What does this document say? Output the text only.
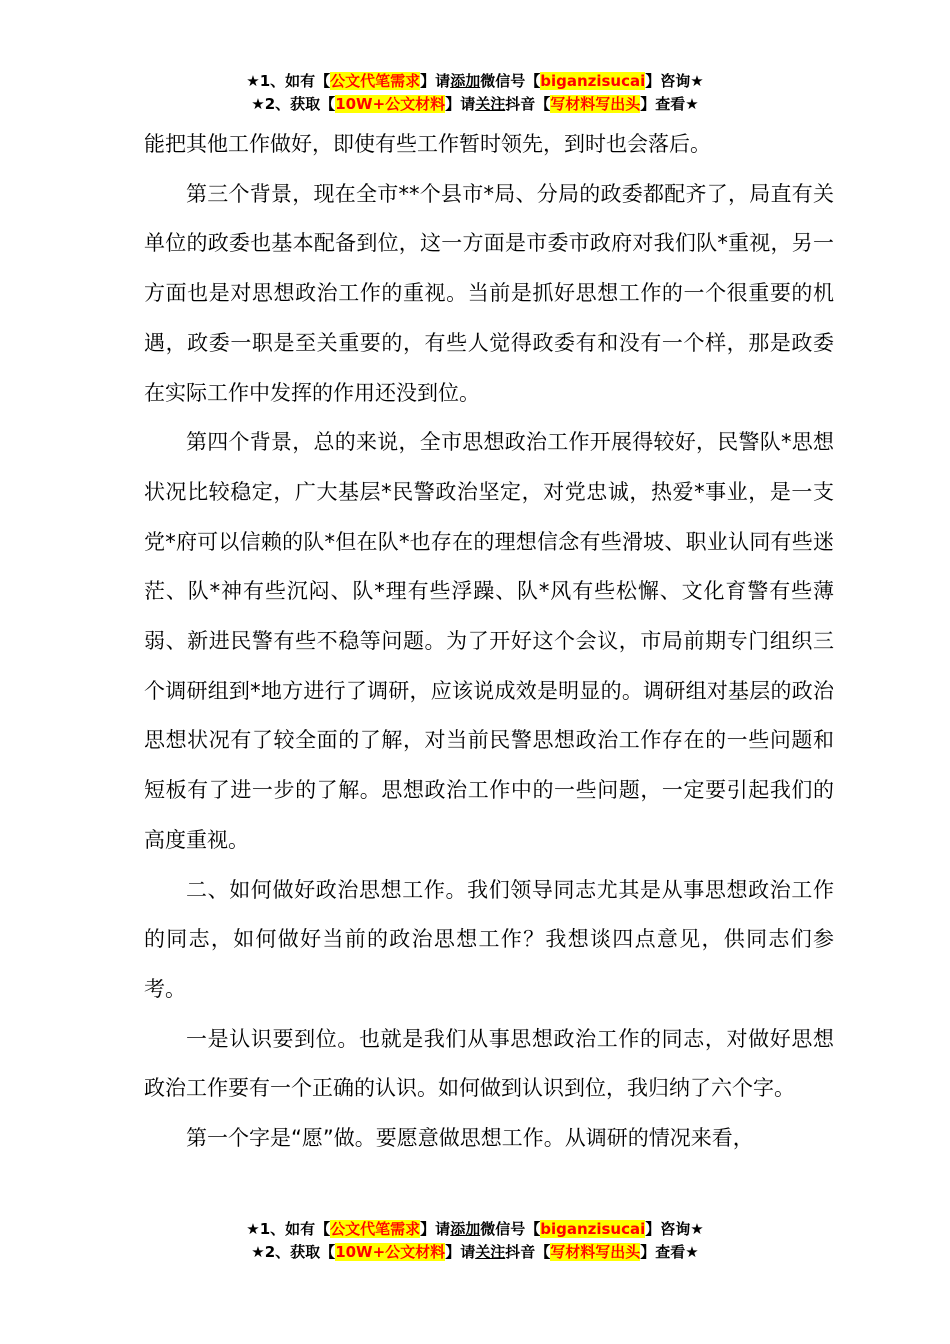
★1、如有【公文代笔需求】请添加微信号【biganzisucai】咨询★
★2、获取【10W+公文材料】请关注抖音【写材料写出头】查看★

能把其他工作做好，即使有些工作暂时领先，到时也会落后。

第三个背景，现在全市**个县市*局、分局的政委都配齐了，局直有关单位的政委也基本配备到位，这一方面是市委市政府对我们队*重视，另一方面也是对思想政治工作的重视。当前是抓好思想工作的一个很重要的机遇，政委一职是至关重要的，有些人觉得政委有和没有一个样，那是政委在实际工作中发挥的作用还没到位。

第四个背景，总的来说，全市思想政治工作开展得较好，民警队*思想状况比较稳定，广大基层*民警政治坚定，对党忠诚，热爱*事业，是一支党*府可以信赖的队*但在队*也存在的理想信念有些滑坡、职业认同有些迷茫、队*神有些沉闷、队*理有些浮躁、队*风有些松懈、文化育警有些薄弱、新进民警有些不稳等问题。为了开好这个会议，市局前期专门组织三个调研组到*地方进行了调研，应该说成效是明显的。调研组对基层的政治思想状况有了较全面的了解，对当前民警思想政治工作存在的一些问题和短板有了进一步的了解。思想政治工作中的一些问题，一定要引起我们的高度重视。

二、如何做好政治思想工作。我们领导同志尤其是从事思想政治工作的同志，如何做好当前的政治思想工作？我想谈四点意见，供同志们参考。

一是认识要到位。也就是我们从事思想政治工作的同志，对做好思想政治工作要有一个正确的认识。如何做到认识到位，我归纳了六个字。

第一个字是“愿”做。要愿意做思想工作。从调研的情况来看，

★1、如有【公文代笔需求】请添加微信号【biganzisucai】咨询★
★2、获取【10W+公文材料】请关注抖音【写材料写出头】查看★
